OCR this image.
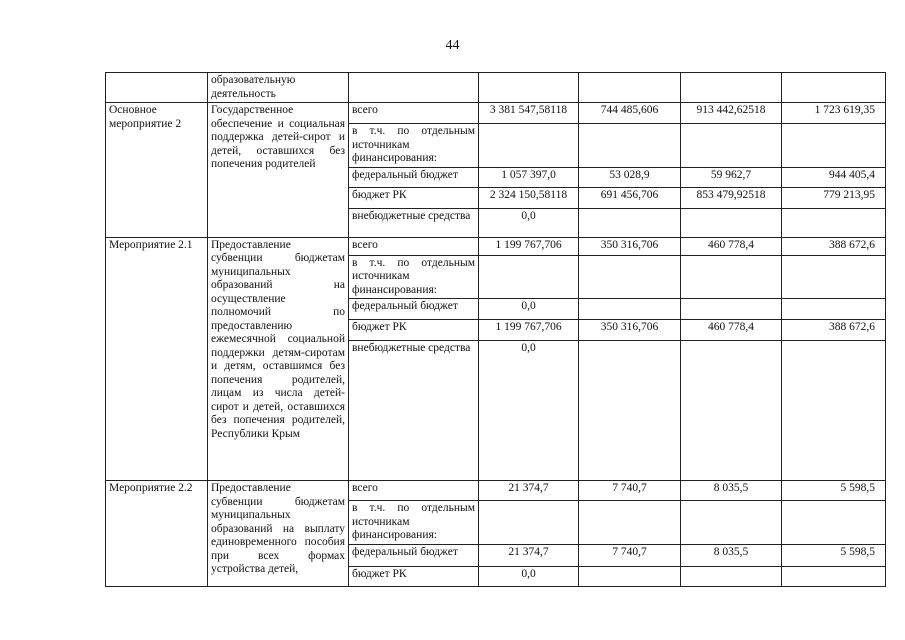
44
	образовательную деятельность					
Основное мероприятие 2	Государственное обеспечение и социальная поддержка детей-сирот и детей, оставшихся без попечения родителей	всего	3 381 547,58118	744 485,606	913 442,62518	1 723 619,35
		в т.ч. по отдельным источникам финансирования:				
		федеральный бюджет	1 057 397,0	53 028,9	59 962,7	944 405,4
		бюджет РК	2 324 150,58118	691 456,706	853 479,92518	779 213,95
		внебюджетные средства	0,0			
Мероприятие 2.1	Предоставление субвенции бюджетам муниципальных образований на осуществление полномочий по предоставлению ежемесячной социальной поддержки детям-сиротам и детям, оставшимся без попечения родителей, лицам из числа детей-сирот и детей, оставшихся без попечения родителей, Республики Крым	всего	1 199 767,706	350 316,706	460 778,4	388 672,6
		в т.ч. по отдельным источникам финансирования:				
		федеральный бюджет	0,0			
		бюджет РК	1 199 767,706	350 316,706	460 778,4	388 672,6
		внебюджетные средства	0,0			
Мероприятие 2.2	Предоставление субвенции бюджетам муниципальных образований на выплату единовременного пособия при всех формах устройства детей,	всего	21 374,7	7 740,7	8 035,5	5 598,5
		в т.ч. по отдельным источникам финансирования:				
		федеральный бюджет	21 374,7	7 740,7	8 035,5	5 598,5
		бюджет РК	0,0			
